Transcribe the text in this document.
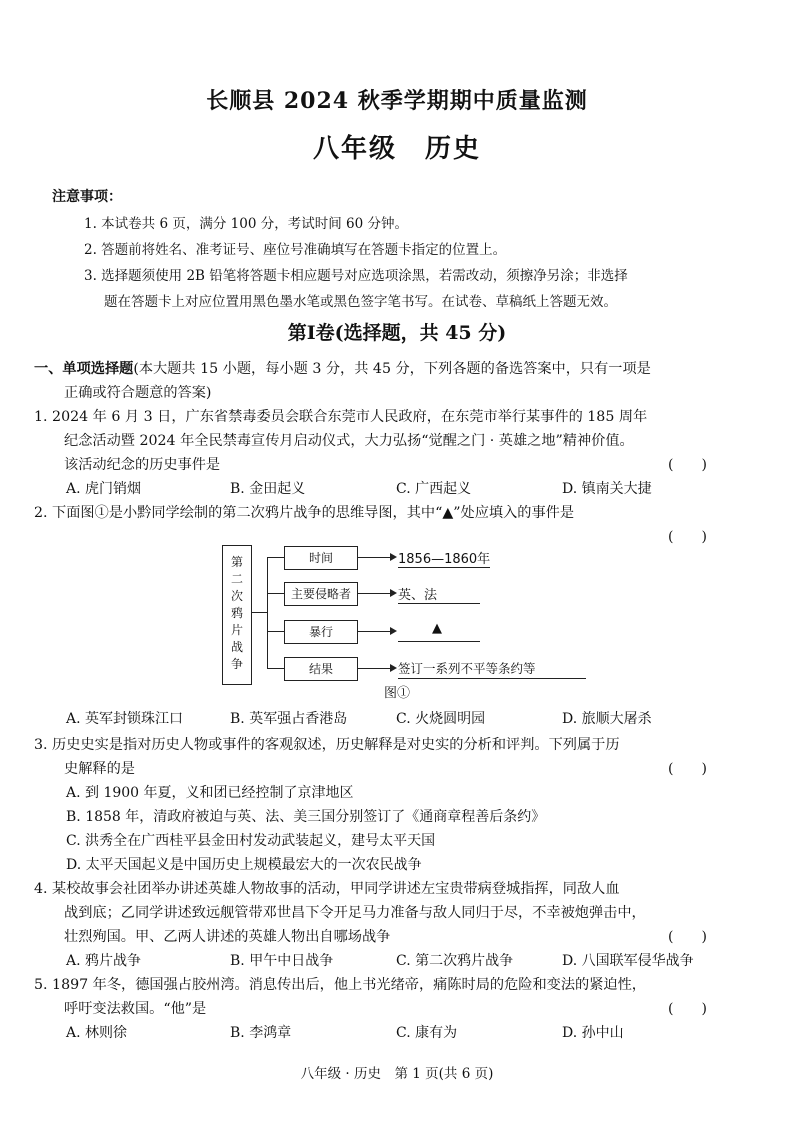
长顺县 2024 秋季学期期中质量监测
八年级　历史
注意事项：
1. 本试卷共 6 页，满分 100 分，考试时间 60 分钟。
2. 答题前将姓名、准考证号、座位号准确填写在答题卡指定的位置上。
3. 选择题须使用 2B 铅笔将答题卡相应题号对应选项涂黑，若需改动，须擦净另涂；非选择
题在答题卡上对应位置用黑色墨水笔或黑色签字笔书写。在试卷、草稿纸上答题无效。
第Ⅰ卷(选择题，共 45 分)
一、单项选择题(本大题共 15 小题，每小题 3 分，共 45 分，下列各题的备选答案中，只有一项是
正确或符合题意的答案)
1. 2024 年 6 月 3 日，广东省禁毒委员会联合东莞市人民政府，在东莞市举行某事件的 185 周年
纪念活动暨 2024 年全民禁毒宣传月启动仪式，大力弘扬“觉醒之门 · 英雄之地”精神价值。
该活动纪念的历史事件是	(　　)
A. 虎门销烟	B. 金田起义	C. 广西起义	D. 镇南关大捷
2. 下面图①是小黔同学绘制的第二次鸦片战争的思维导图，其中“▲”处应填入的事件是
(　　)
第
二
次
鸦
片
战
争
时间	1856—1860年
主要侵略者	英、法
暴行	▲
结果	签订一系列不平等条约等
图①
A. 英军封锁珠江口	B. 英军强占香港岛	C. 火烧圆明园	D. 旅顺大屠杀
3. 历史史实是指对历史人物或事件的客观叙述，历史解释是对史实的分析和评判。下列属于历
史解释的是	(　　)
A. 到 1900 年夏，义和团已经控制了京津地区
B. 1858 年，清政府被迫与英、法、美三国分别签订了《通商章程善后条约》
C. 洪秀全在广西桂平县金田村发动武装起义，建号太平天国
D. 太平天国起义是中国历史上规模最宏大的一次农民战争
4. 某校故事会社团举办讲述英雄人物故事的活动，甲同学讲述左宝贵带病登城指挥，同敌人血
战到底；乙同学讲述致远舰管带邓世昌下令开足马力准备与敌人同归于尽，不幸被炮弹击中，
壮烈殉国。甲、乙两人讲述的英雄人物出自哪场战争	(　　)
A. 鸦片战争	B. 甲午中日战争	C. 第二次鸦片战争	D. 八国联军侵华战争
5. 1897 年冬，德国强占胶州湾。消息传出后，他上书光绪帝，痛陈时局的危险和变法的紧迫性，
呼吁变法救国。“他”是	(　　)
A. 林则徐	B. 李鸿章	C. 康有为	D. 孙中山
八年级 · 历史　第 1 页(共 6 页)
